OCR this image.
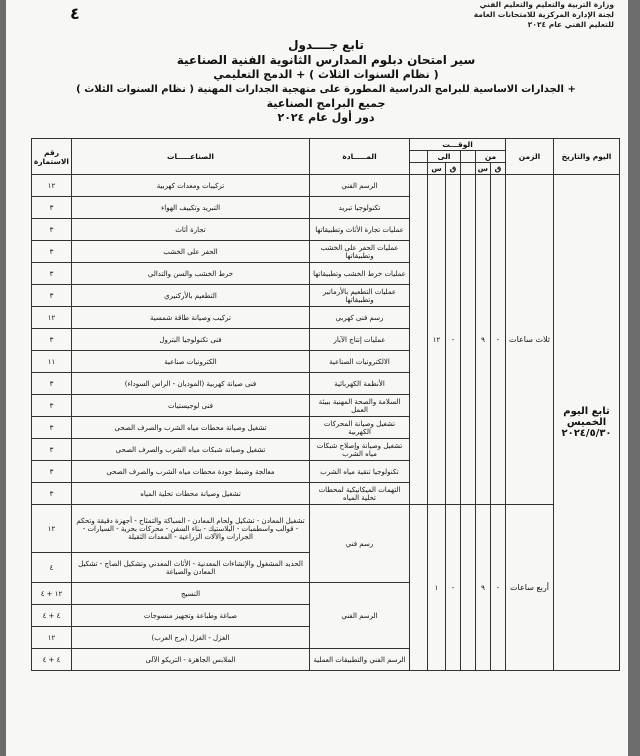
وزارة التربية والتعليم والتعليم الفني
لجنة الإدارة المركزية للامتحانات العامة
للتعليم الفني عام ٢٠٢٤
٤
تابع جــــدول
سير امتحان دبلوم المدارس الثانوية الفنية الصناعية
( نظام السنوات الثلاث ) + الدمج التعليمي
+ الجدارات الاساسية للبرامج الدراسية المطورة على منهجية الجدارات المهنية ( نظام السنوات الثلاث )
جميع البرامج الصناعية
دور أول عام ٢٠٢٤
اليوم والتاريخ	الزمن	الوقـــت						المـــــادة	الصناعـــــات	رقم الاستمارة
		من			الى					
		ق	س		ق	س				
تابع اليوم الخميس ٢٠٢٤/٥/٣٠	ثلاث ساعات	-	٩		-	١٢		الرسم الفني	تركيبات ومعدات كهربية	١٢
								تكنولوجيا تبريد	التبريد وتكييف الهواء	٣
								عمليات تجارة الأثاث وتطبيقاتها	تجارة أثاث	٣
								عمليات الحفر على الخشب وتطبيقاتها	الحفر على الخشب	٣
								عمليات خرط الخشب وتطبيقاتها	خرط الخشب والسن والتدالى	٣
								عمليات التطعيم بالأرماتير وتطبيقاتها	التطعيم بالأركتيري	٣
								رسم فنى كهربى	تركيب وصيانة طاقة شمسية	١٢
								عمليات إنتاج الآبار	فنى تكنولوجيا البترول	٣
								الالكترونيات الصناعية	الكترونيات صناعية	١١
								الأنظمة الكهربائية	فنى صيانة كهربية (الموديان - الراس السوداء)	٣
								السلامة والصحة المهنية ببيئة العمل	فنى لوجيستيات	٣
								تشغيل وصيانة المحركات الكهربية	تشغيل وصيانة محطات مياه الشرب والصرف الصحى	٣
								تشغيل وصيانة وإصلاح شبكات مياه الشرب	تشغيل وصيانة شبكات مياه الشرب والصرف الصحى	٣
								تكنولوجيا تنقية مياه الشرب	معالجة وضبط جودة محطات مياه الشرب والصرف الصحى	٣
								التهمات الميكانيكية لمحطات تحلية المياه	تشغيل وصيانة محطات تحلية المياه	٣
	أربع ساعات	-	٩		-	١		رسم فني	تشغيل المعادن - تشكيل ولحام المعادن - السباكة والتمثاح - أجهزة دقيقة وتحكم - قوالب واسطمبات - البلاستيك - بناء السفن - محركات بحرية - السيارات - الجرارات والآلات الزراعية - المعدات الثقيلة	١٢
									الحديد المشغول والإنشاءات المعدنية - الأثاث المعدني وتشكيل الصاج - تشكيل المعادن والصياغة	٤
								الرسم الفني	النسيج	١٢ + ٤
									صباغة وطباعة وتجهيز منسوجات	٤ + ٤
									الغزل - الغزل (برج العرب)	١٢
								الرسم الفني والتطبيقات العملية	الملابس الجاهزة - التريكو الآلى	٤ + ٤
